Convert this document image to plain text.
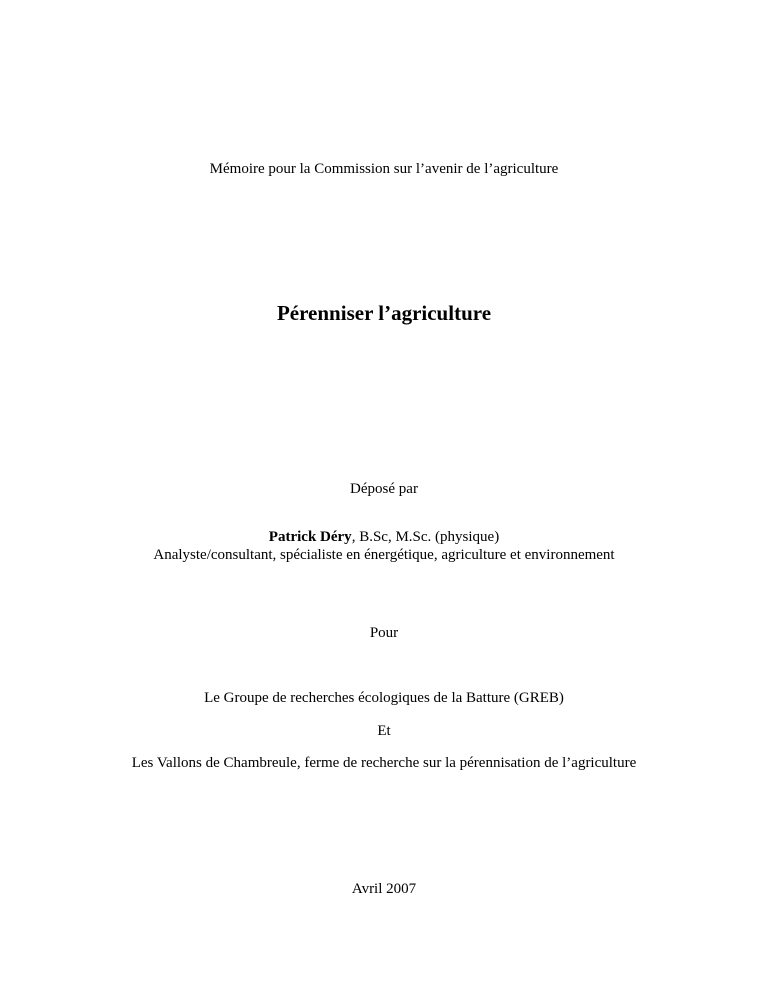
Mémoire pour la Commission sur l’avenir de l’agriculture
Pérenniser l’agriculture
Déposé par
Patrick Déry, B.Sc, M.Sc. (physique)
Analyste/consultant, spécialiste en énergétique, agriculture et environnement
Pour
Le Groupe de recherches écologiques de la Batture (GREB)
Et
Les Vallons de Chambreule, ferme de recherche sur la pérennisation de l’agriculture
Avril 2007
